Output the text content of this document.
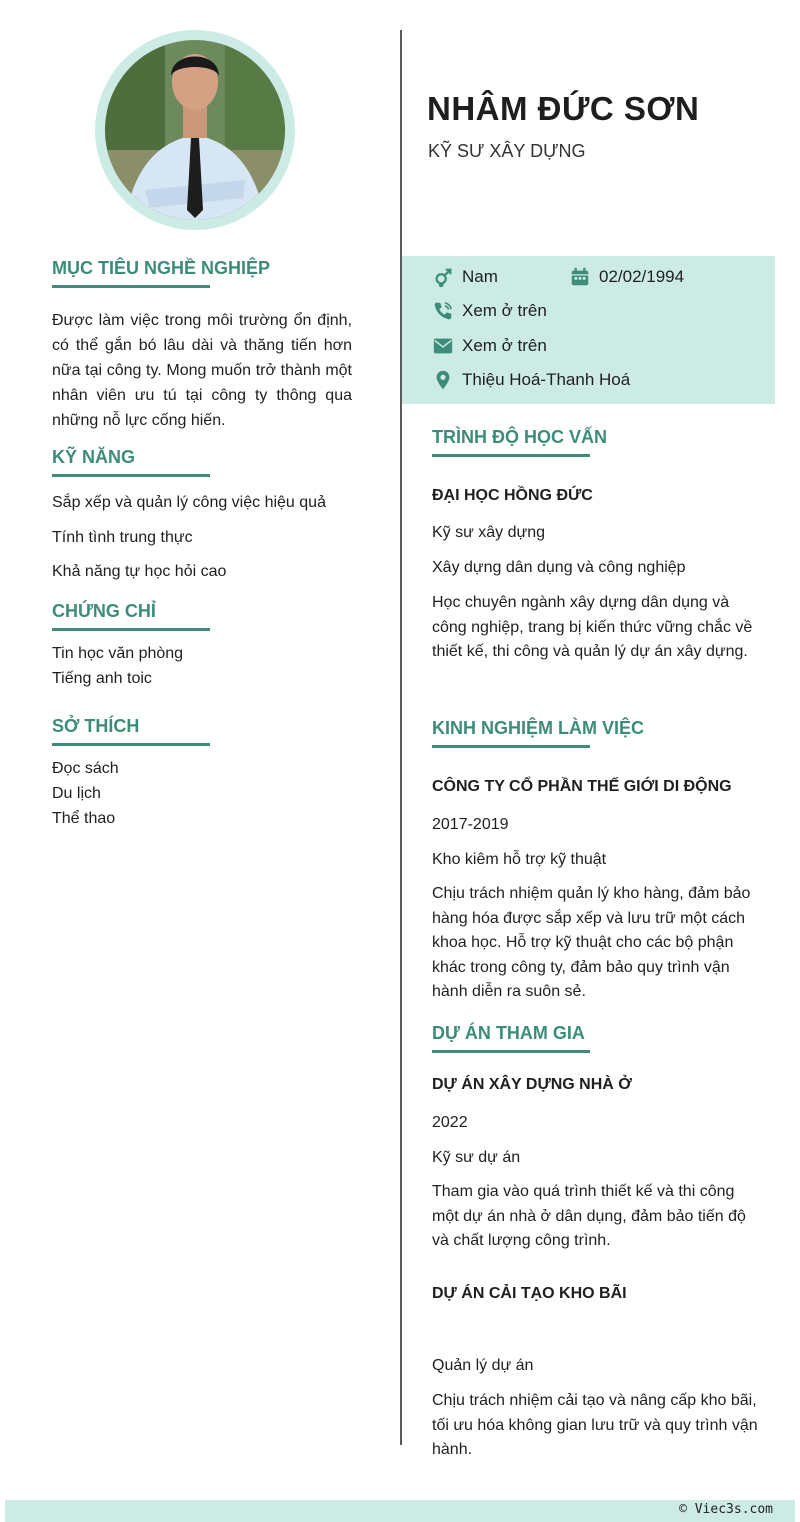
MỤC TIÊU NGHỀ NGHIỆP
Được làm việc trong môi trường ổn định, có thể gắn bó lâu dài và thăng tiến hơn nữa tại công ty. Mong muốn trở thành một nhân viên ưu tú tại công ty thông qua những nỗ lực cống hiến.
KỸ NĂNG
Sắp xếp và quản lý công việc hiệu quả
Tính tình trung thực
Khả năng tự học hỏi cao
CHỨNG CHỈ
Tin học văn phòng
Tiếng anh toic
SỞ THÍCH
Đọc sách
Du lịch
Thể thao
NHÂM ĐỨC SƠN
KỸ SƯ XÂY DỰNG
Nam	02/02/1994
Xem ở trên
Xem ở trên
Thiệu Hoá-Thanh Hoá
TRÌNH ĐỘ HỌC VẤN
ĐẠI HỌC HỒNG ĐỨC
Kỹ sư xây dựng
Xây dựng dân dụng và công nghiệp
Học chuyên ngành xây dựng dân dụng và công nghiệp, trang bị kiến thức vững chắc về thiết kế, thi công và quản lý dự án xây dựng.
KINH NGHIỆM LÀM VIỆC
CÔNG TY CỔ PHẦN THẾ GIỚI DI ĐỘNG
2017-2019
Kho kiêm hỗ trợ kỹ thuật
Chịu trách nhiệm quản lý kho hàng, đảm bảo hàng hóa được sắp xếp và lưu trữ một cách khoa học. Hỗ trợ kỹ thuật cho các bộ phận khác trong công ty, đảm bảo quy trình vận hành diễn ra suôn sẻ.
DỰ ÁN THAM GIA
DỰ ÁN XÂY DỰNG NHÀ Ở
2022
Kỹ sư dự án
Tham gia vào quá trình thiết kế và thi công một dự án nhà ở dân dụng, đảm bảo tiến độ và chất lượng công trình.
DỰ ÁN CẢI TẠO KHO BÃI
Quản lý dự án
Chịu trách nhiệm cải tạo và nâng cấp kho bãi, tối ưu hóa không gian lưu trữ và quy trình vận hành.
© Viec3s.com
